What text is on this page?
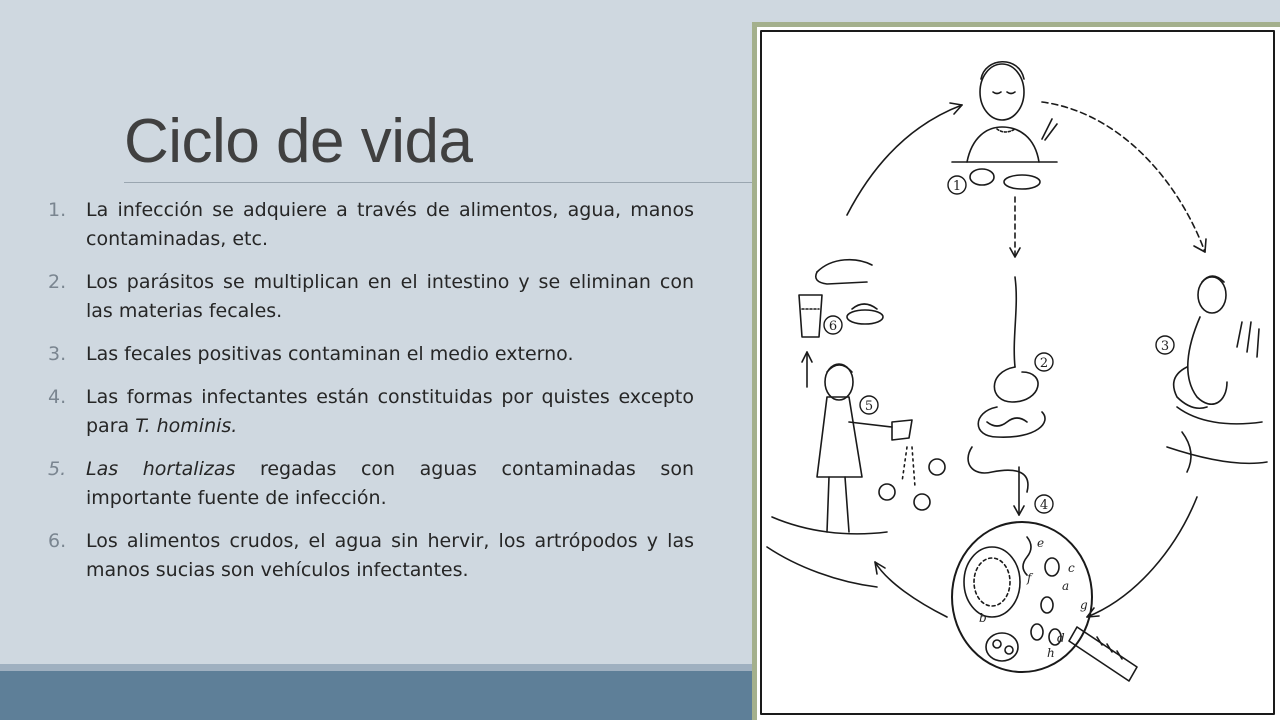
Ciclo de vida
1. La infección se adquiere a través de alimentos, agua, manos contaminadas, etc.
2. Los parásitos se multiplican en el intestino y se eliminan con las materias fecales.
3. Las fecales positivas contaminan el medio externo.
4. Las formas infectantes están constituidas por quistes excepto para T. hominis.
5. Las hortalizas regadas con aguas contaminadas son importante fuente de infección.
6. Los alimentos crudos, el agua sin hervir, los artrópodos y las manos sucias son vehículos infectantes.
1
2
3
4
5
6
a
b
c
d
e
f
g
h
